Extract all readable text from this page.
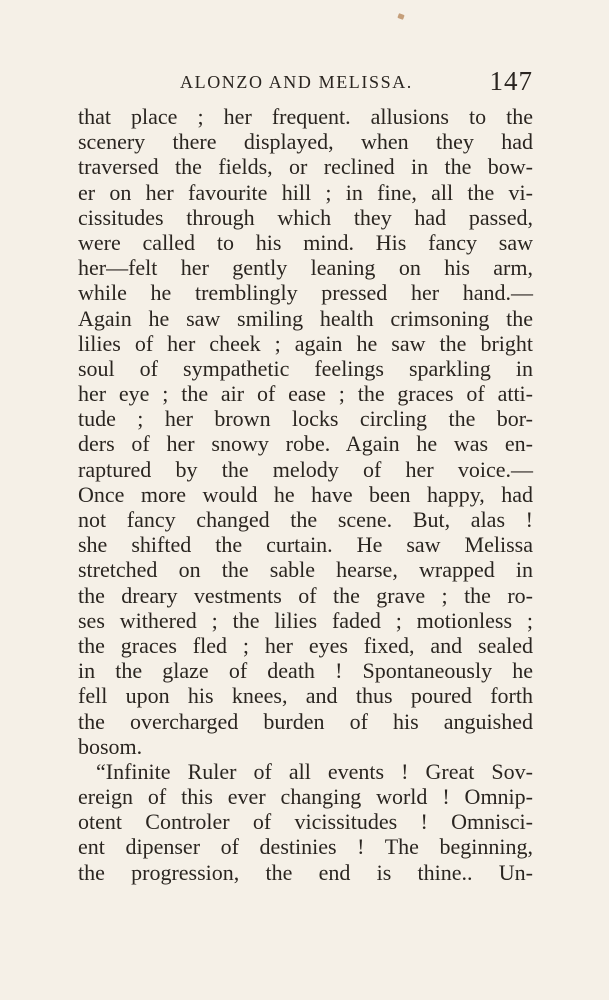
ALONZO AND MELISSA.	147
that place ; her frequent. allusions to the
scenery there displayed, when they had
traversed the fields, or reclined in the bow-
er on her favourite hill ; in fine, all the vi-
cissitudes through which they had passed,
were called to his mind. His fancy saw
her—felt her gently leaning on his arm,
while he tremblingly pressed her hand.—
Again he saw smiling health crimsoning the
lilies of her cheek ; again he saw the bright
soul of sympathetic feelings sparkling in
her eye ; the air of ease ; the graces of atti-
tude ; her brown locks circling the bor-
ders of her snowy robe. Again he was en-
raptured by the melody of her voice.—
Once more would he have been happy, had
not fancy changed the scene. But, alas !
she shifted the curtain. He saw Melissa
stretched on the sable hearse, wrapped in
the dreary vestments of the grave ; the ro-
ses withered ; the lilies faded ; motionless ;
the graces fled ; her eyes fixed, and sealed
in the glaze of death ! Spontaneously he
fell upon his knees, and thus poured forth
the overcharged burden of his anguished
bosom.
“Infinite Ruler of all events ! Great Sov-
ereign of this ever changing world ! Omnip-
otent Controler of vicissitudes ! Omnisci-
ent dipenser of destinies ! The beginning,
the progression, the end is thine.. Un-
